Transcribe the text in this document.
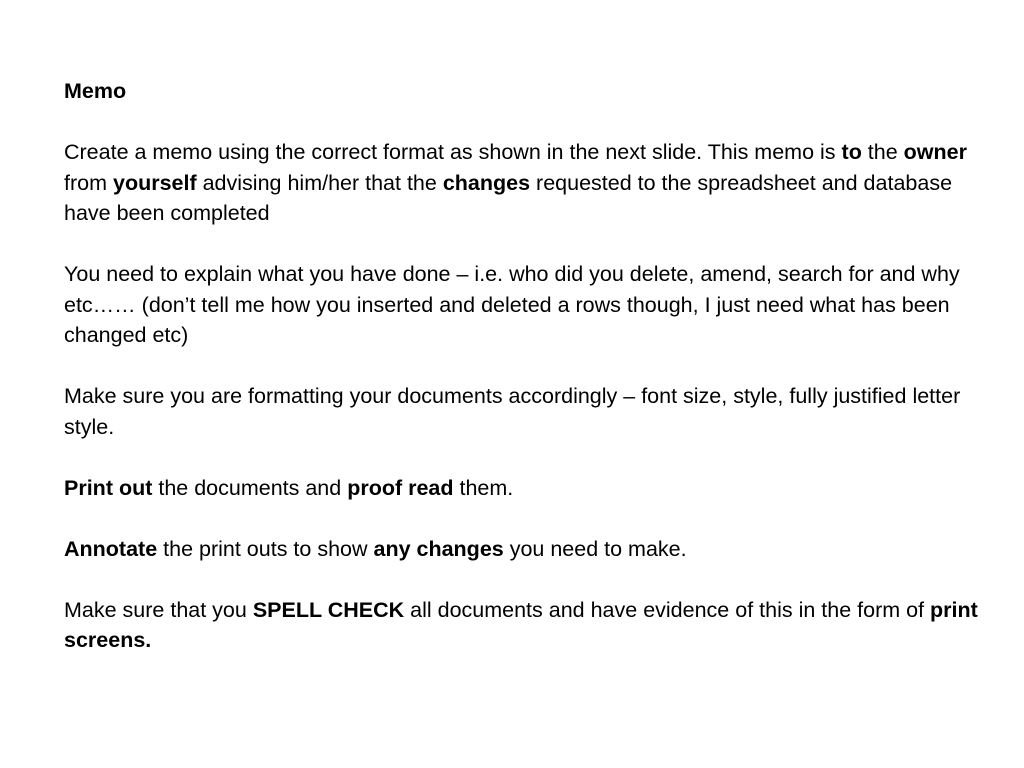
Memo

Create a memo using the correct format as shown in the next slide. This memo is to the owner from yourself advising him/her that the changes requested to the spreadsheet and database have been completed

You need to explain what you have done – i.e. who did you delete, amend, search for and why etc…… (don’t tell me how you inserted and deleted a rows though, I just need what has been changed etc)

Make sure you are formatting your documents accordingly – font size, style, fully justified letter style.

Print out the documents and proof read them.

Annotate the print outs to show any changes you need to make.

Make sure that you SPELL CHECK all documents and have evidence of this in the form of print screens.
